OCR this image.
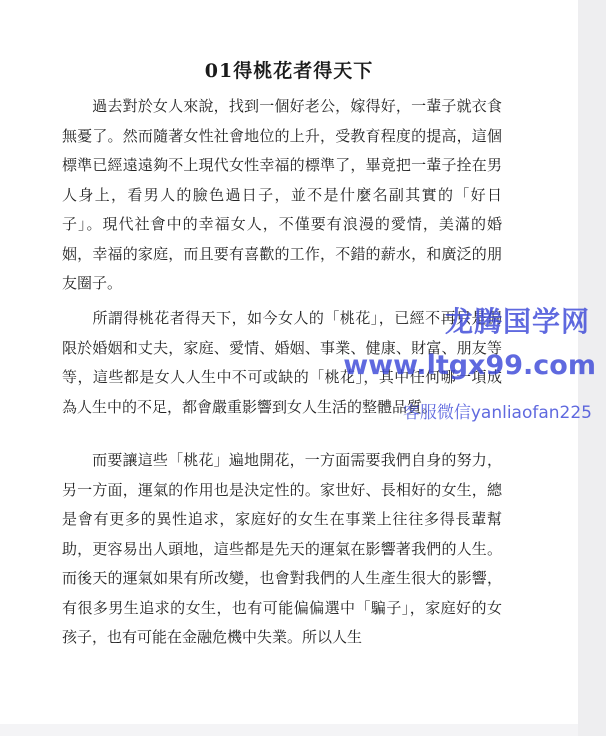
01得桃花者得天下

過去對於女人來說，找到一個好老公，嫁得好，一輩子就衣食無憂了。然而隨著女性社會地位的上升，受教育程度的提高，這個標準已經遠遠夠不上現代女性幸福的標準了，畢竟把一輩子拴在男人身上，看男人的臉色過日子，並不是什麼名副其實的「好日子」。現代社會中的幸福女人，不僅要有浪漫的愛情，美滿的婚姻，幸福的家庭，而且要有喜歡的工作，不錯的薪水，和廣泛的朋友圈子。

所謂得桃花者得天下，如今女人的「桃花」，已經不再只是侷限於婚姻和丈夫，家庭、愛情、婚姻、事業、健康、財富、朋友等等，這些都是女人人生中不可或缺的「桃花」，其中任何哪一項成為人生中的不足，都會嚴重影響到女人生活的整體品質。

而要讓這些「桃花」遍地開花，一方面需要我們自身的努力，另一方面，運氣的作用也是決定性的。家世好、長相好的女生，總是會有更多的異性追求，家庭好的女生在事業上往往多得長輩幫助，更容易出人頭地，這些都是先天的運氣在影響著我們的人生。而後天的運氣如果有所改變，也會對我們的人生產生很大的影響，有很多男生追求的女生，也有可能偏偏選中「騙子」，家庭好的女孩子，也有可能在金融危機中失業。所以人生

龙腾国学网
www.ltgx99.com
客服微信yanliaofan225
